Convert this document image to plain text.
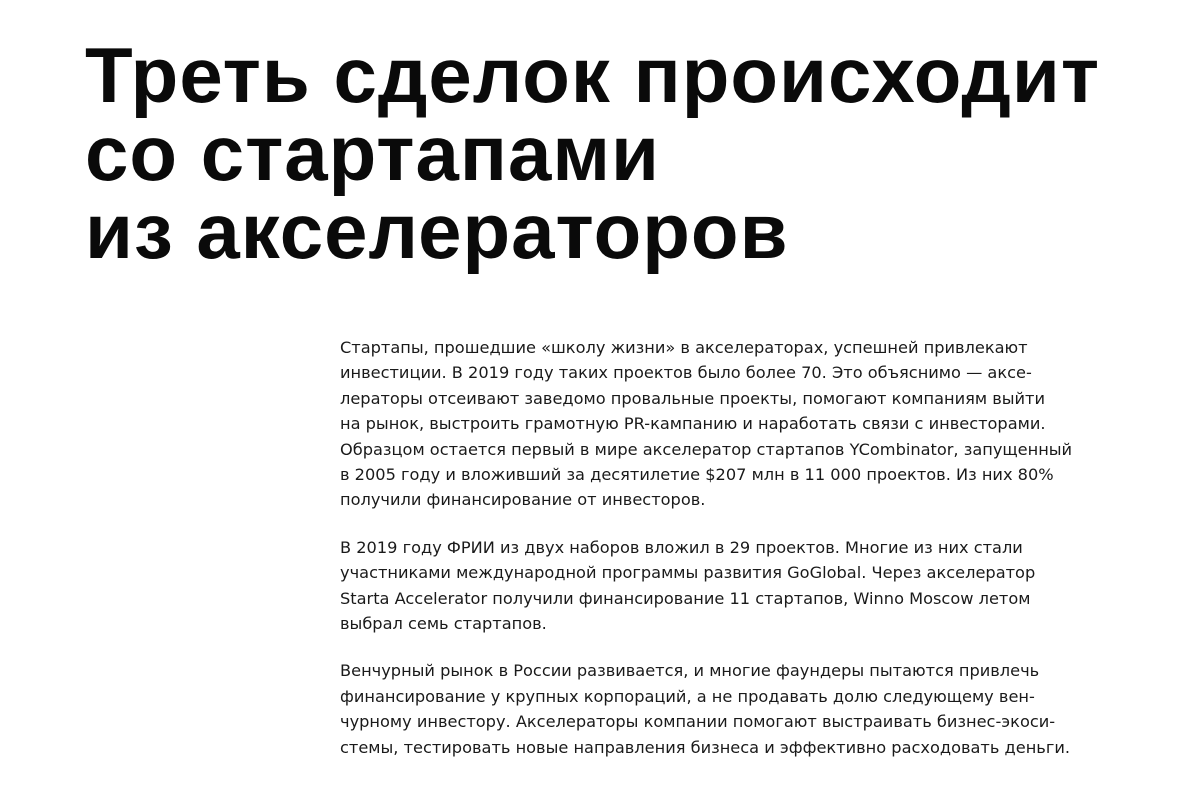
Треть сделок происходит
со стартапами
из акселераторов

Стартапы, прошедшие «школу жизни» в акселераторах, успешней привлекают
инвестиции. В 2019 году таких проектов было более 70. Это объяснимо — аксе-
лераторы отсеивают заведомо провальные проекты, помогают компаниям выйти
на рынок, выстроить грамотную PR-кампанию и наработать связи с инвесторами.
Образцом остается первый в мире акселератор стартапов YCombinator, запущенный
в 2005 году и вложивший за десятилетие $207 млн в 11 000 проектов. Из них 80%
получили финансирование от инвесторов.

В 2019 году ФРИИ из двух наборов вложил в 29 проектов. Многие из них стали
участниками международной программы развития GoGlobal. Через акселератор
Starta Accelerator получили финансирование 11 стартапов, Winno Moscow летом
выбрал семь стартапов.

Венчурный рынок в России развивается, и многие фаундеры пытаются привлечь
финансирование у крупных корпораций, а не продавать долю следующему вен-
чурному инвестору. Акселераторы компании помогают выстраивать бизнес-экоси-
стемы, тестировать новые направления бизнеса и эффективно расходовать деньги.
